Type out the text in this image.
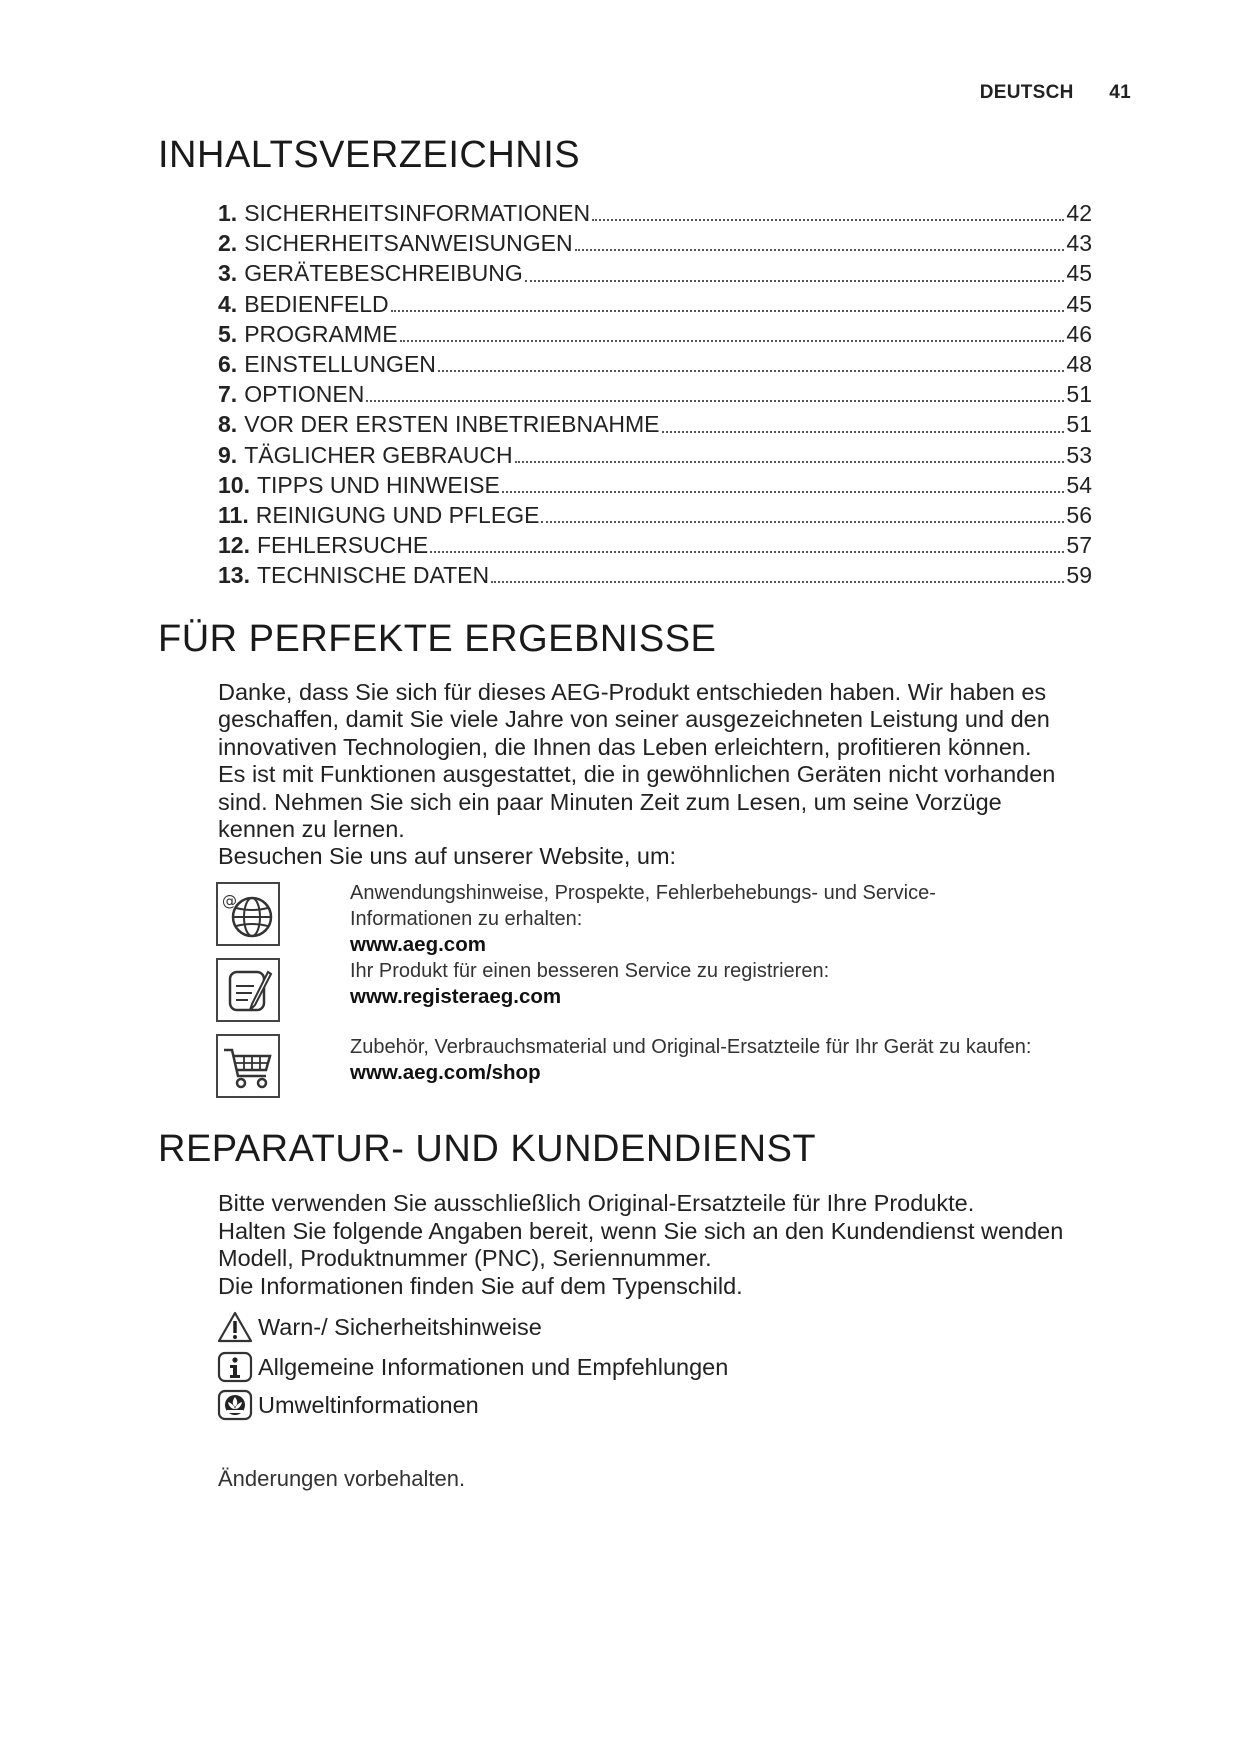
DEUTSCH 41
INHALTSVERZEICHNIS
1. SICHERHEITSINFORMATIONEN	42
2. SICHERHEITSANWEISUNGEN	43
3. GERÄTEBESCHREIBUNG	45
4. BEDIENFELD	45
5. PROGRAMME	46
6. EINSTELLUNGEN	48
7. OPTIONEN	51
8. VOR DER ERSTEN INBETRIEBNAHME	51
9. TÄGLICHER GEBRAUCH	53
10. TIPPS UND HINWEISE	54
11. REINIGUNG UND PFLEGE	56
12. FEHLERSUCHE	57
13. TECHNISCHE DATEN	59
FÜR PERFEKTE ERGEBNISSE

Danke, dass Sie sich für dieses AEG-Produkt entschieden haben. Wir haben es

geschaffen, damit Sie viele Jahre von seiner ausgezeichneten Leistung und den

innovativen Technologien, die Ihnen das Leben erleichtern, profitieren können.

Es ist mit Funktionen ausgestattet, die in gewöhnlichen Geräten nicht vorhanden

sind. Nehmen Sie sich ein paar Minuten Zeit zum Lesen, um seine Vorzüge

kennen zu lernen.

Besuchen Sie uns auf unserer Website, um:

@	Anwendungshinweise, Prospekte, Fehlerbehebungs- und Service-
Informationen zu erhalten:
www.aeg.com
Ihr Produkt für einen besseren Service zu registrieren:
www.registeraeg.com
Zubehör, Verbrauchsmaterial und Original-Ersatzteile für Ihr Gerät zu kaufen:
www.aeg.com/shop
REPARATUR- UND KUNDENDIENST

Bitte verwenden Sie ausschließlich Original-Ersatzteile für Ihre Produkte.

Halten Sie folgende Angaben bereit, wenn Sie sich an den Kundendienst wenden

Modell, Produktnummer (PNC), Seriennummer.

Die Informationen finden Sie auf dem Typenschild.

Warn-/ Sicherheitshinweise
Allgemeine Informationen und Empfehlungen
Umweltinformationen
Änderungen vorbehalten.
